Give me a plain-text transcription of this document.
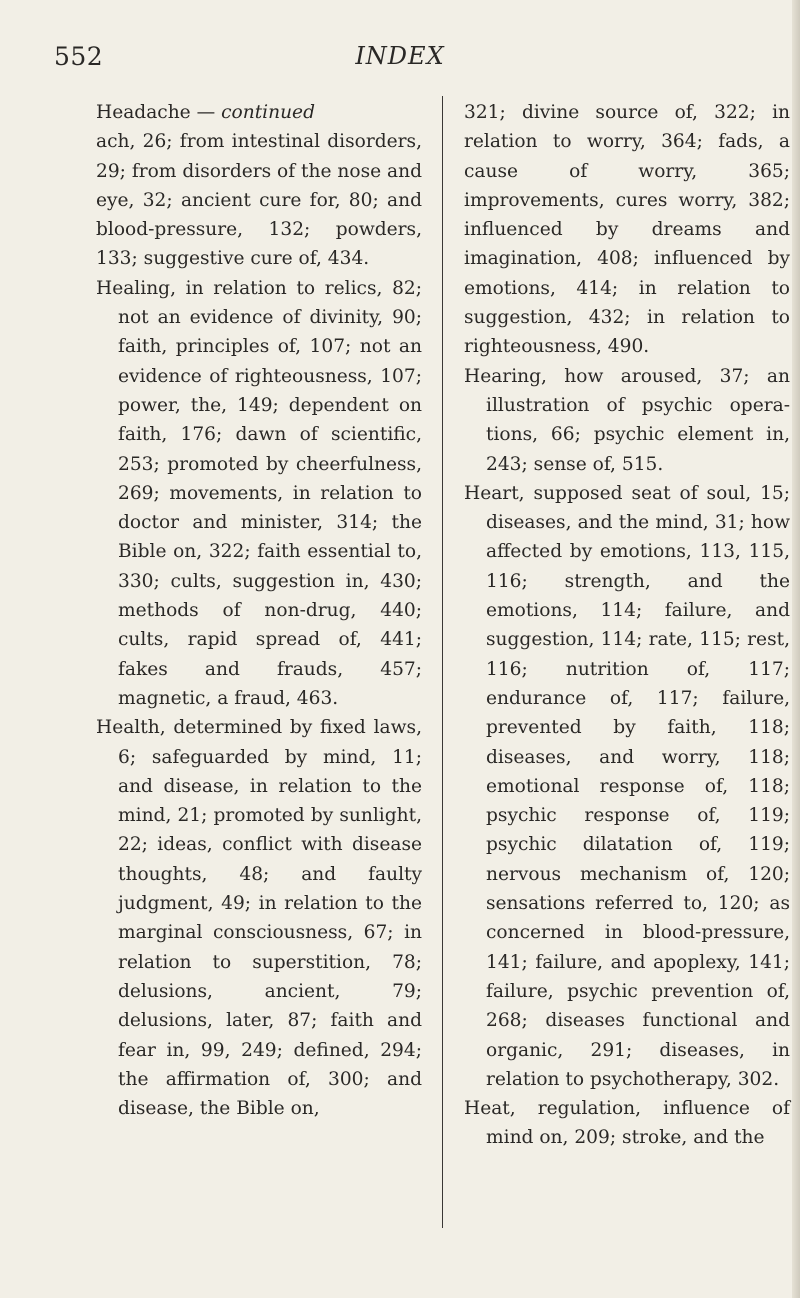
552	INDEX

Headache — continued

ach, 26; from intestinal disorders, 29; from disorders of the nose and eye, 32; ancient cure for, 80; and blood-pressure, 132; powders, 133; suggestive cure of, 434.

Healing, in relation to relics, 82; not an evidence of divinity, 90; faith, principles of, 107; not an evidence of righteousness, 107; power, the, 149; dependent on faith, 176; dawn of scientific, 253; promoted by cheerfulness, 269; movements, in relation to doctor and minister, 314; the Bible on, 322; faith essential to, 330; cults, suggestion in, 430; methods of non-drug, 440; cults, rapid spread of, 441; fakes and frauds, 457; magnetic, a fraud, 463.

Health, determined by fixed laws, 6; safeguarded by mind, 11; and disease, in relation to the mind, 21; promoted by sunlight, 22; ideas, conflict with disease thoughts, 48; and faulty judgment, 49; in relation to the marginal consciousness, 67; in relation to superstition, 78; delusions, ancient, 79; delusions, later, 87; faith and fear in, 99, 249; defined, 294; the affirmation of, 300; and disease, the Bible on,

321; divine source of, 322; in relation to worry, 364; fads, a cause of worry, 365; improvements, cures worry, 382; influenced by dreams and imagination, 408; influenced by emotions, 414; in relation to suggestion, 432; in relation to righteousness, 490.

Hearing, how aroused, 37; an illustration of psychic operations, 66; psychic element in, 243; sense of, 515.

Heart, supposed seat of soul, 15; diseases, and the mind, 31; how affected by emotions, 113, 115, 116; strength, and the emotions, 114; failure, and suggestion, 114; rate, 115; rest, 116; nutrition of, 117; endurance of, 117; failure, prevented by faith, 118; diseases, and worry, 118; emotional response of, 118; psychic response of, 119; psychic dilatation of, 119; nervous mechanism of, 120; sensations referred to, 120; as concerned in blood-pressure, 141; failure, and apoplexy, 141; failure, psychic prevention of, 268; diseases functional and organic, 291; diseases, in relation to psychotherapy, 302.

Heat, regulation, influence of mind on, 209; stroke, and the
